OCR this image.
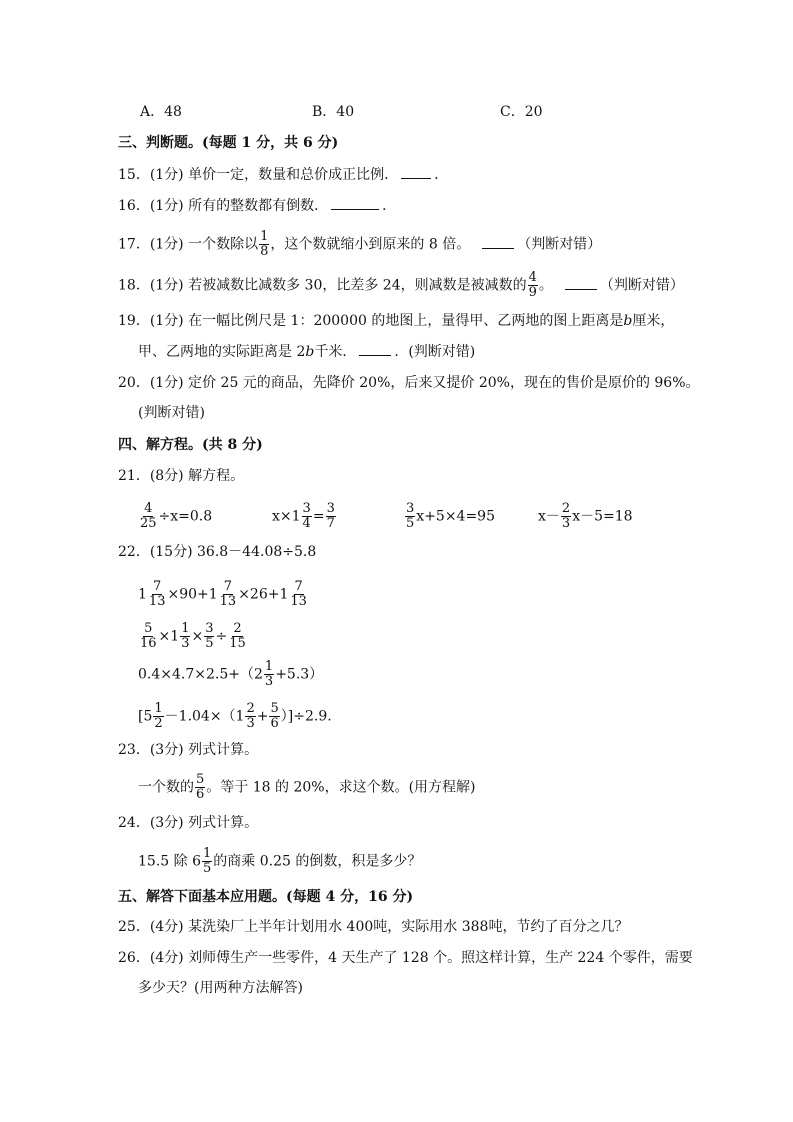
A．48	B．40	C．20
三、判断题。(每题 1 分，共 6 分)
15．(1分) 单价一定，数量和总价成正比例．	．
16．(1分) 所有的整数都有倒数．	．
17．(1分) 一个数除以 $\frac{1}{8}$ ，这个数就缩小到原来的 8 倍。	（判断对错）
18．(1分) 若被减数比减数多 30，比差多 24，则减数是被减数的 $\frac{4}{9}$ 。	（判断对错）
19．(1分) 在一幅比例尺是 1：200000 的地图上，量得甲、乙两地的图上距离是b厘米，
甲、乙两地的实际距离是 2b千米．	．(判断对错)
20．(1分) 定价 25 元的商品，先降价 20%，后来又提价 20%，现在的售价是原价的 96%。
(判断对错)
四、解方程。(共 8 分)
21．(8分) 解方程。
$\frac{4}{25} \div x=0.8$	$x\times 1 \frac{3}{4} = \frac{3}{7}$	$\frac{3}{5} x+5\times 4=95$	$x- \frac{2}{3} x-5=18$
22．(15分) 36.8－44.08÷5.8
$1 \frac{7}{13} \times 90+1 \frac{7}{13} \times 26+1 \frac{7}{13}$
$\frac{5}{16} \times 1 \frac{1}{3} \times \frac{3}{5} \div \frac{2}{15}$
$0.4\times 4.7\times 2.5+(2 \frac{1}{3} +5.3)$
$[5 \frac{1}{2} -1.04\times(1 \frac{2}{3} + \frac{5}{6} )]\div 2.9$.
23．(3分) 列式计算。
一个数的 $\frac{5}{6}$ 。等于 18 的 20%，求这个数。(用方程解)
24．(3分) 列式计算。
15.5 除 $6 \frac{1}{5}$ 的商乘 0.25 的倒数，积是多少？
五、解答下面基本应用题。(每题 4 分，16 分)
25．(4分) 某洗染厂上半年计划用水 400吨，实际用水 388吨，节约了百分之几？
26．(4分) 刘师傅生产一些零件，4 天生产了 128 个。照这样计算，生产 224 个零件，需要
多少天？(用两种方法解答)
